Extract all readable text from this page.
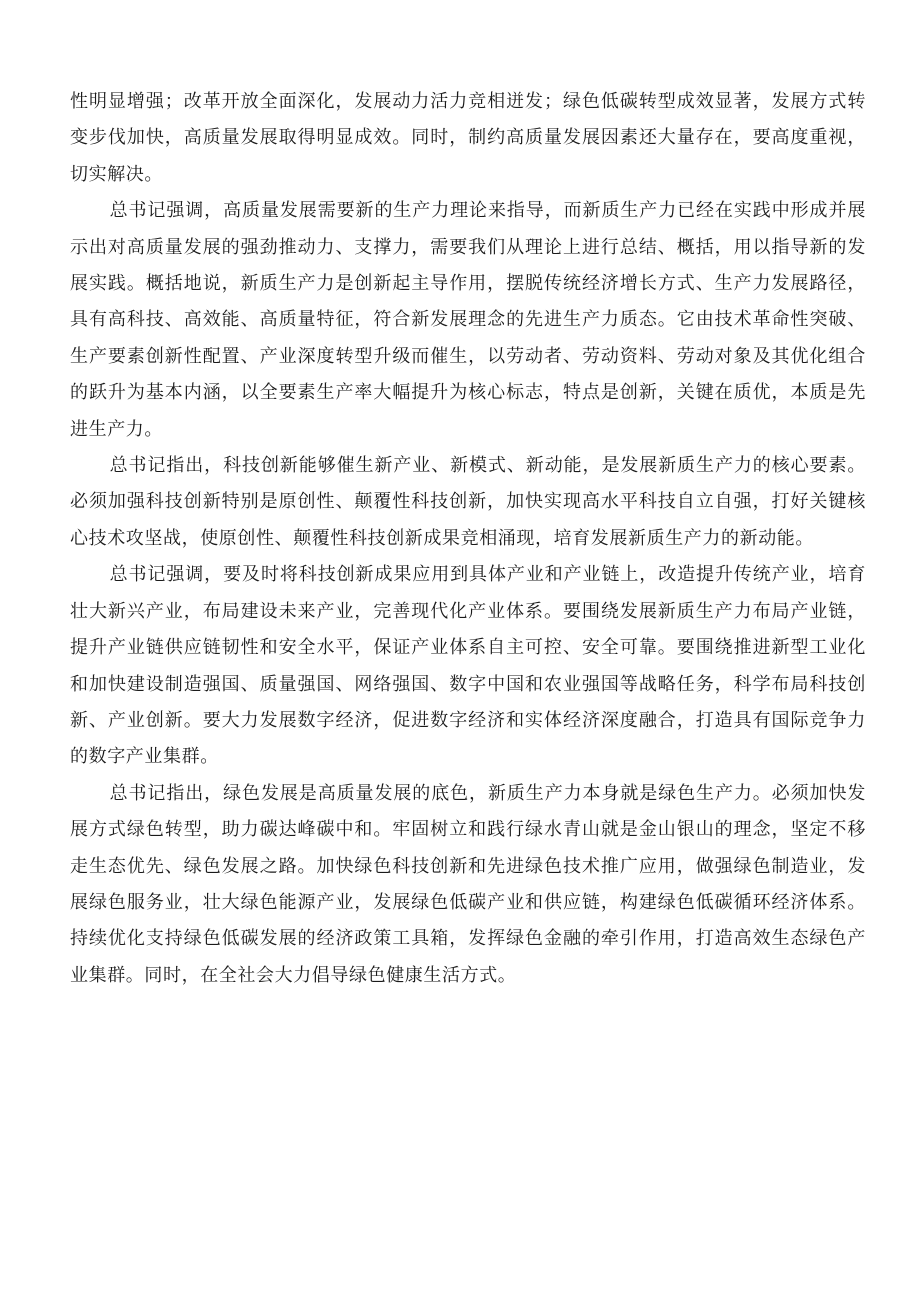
性明显增强；改革开放全面深化，发展动力活力竞相迸发；绿色低碳转型成效显著，发展方式转变步伐加快，高质量发展取得明显成效。同时，制约高质量发展因素还大量存在，要高度重视，切实解决。

总书记强调，高质量发展需要新的生产力理论来指导，而新质生产力已经在实践中形成并展示出对高质量发展的强劲推动力、支撑力，需要我们从理论上进行总结、概括，用以指导新的发展实践。概括地说，新质生产力是创新起主导作用，摆脱传统经济增长方式、生产力发展路径，具有高科技、高效能、高质量特征，符合新发展理念的先进生产力质态。它由技术革命性突破、生产要素创新性配置、产业深度转型升级而催生，以劳动者、劳动资料、劳动对象及其优化组合的跃升为基本内涵，以全要素生产率大幅提升为核心标志，特点是创新，关键在质优，本质是先进生产力。

总书记指出，科技创新能够催生新产业、新模式、新动能，是发展新质生产力的核心要素。必须加强科技创新特别是原创性、颠覆性科技创新，加快实现高水平科技自立自强，打好关键核心技术攻坚战，使原创性、颠覆性科技创新成果竞相涌现，培育发展新质生产力的新动能。

总书记强调，要及时将科技创新成果应用到具体产业和产业链上，改造提升传统产业，培育壮大新兴产业，布局建设未来产业，完善现代化产业体系。要围绕发展新质生产力布局产业链，提升产业链供应链韧性和安全水平，保证产业体系自主可控、安全可靠。要围绕推进新型工业化和加快建设制造强国、质量强国、网络强国、数字中国和农业强国等战略任务，科学布局科技创新、产业创新。要大力发展数字经济，促进数字经济和实体经济深度融合，打造具有国际竞争力的数字产业集群。

总书记指出，绿色发展是高质量发展的底色，新质生产力本身就是绿色生产力。必须加快发展方式绿色转型，助力碳达峰碳中和。牢固树立和践行绿水青山就是金山银山的理念，坚定不移走生态优先、绿色发展之路。加快绿色科技创新和先进绿色技术推广应用，做强绿色制造业，发展绿色服务业，壮大绿色能源产业，发展绿色低碳产业和供应链，构建绿色低碳循环经济体系。持续优化支持绿色低碳发展的经济政策工具箱，发挥绿色金融的牵引作用，打造高效生态绿色产业集群。同时，在全社会大力倡导绿色健康生活方式。
